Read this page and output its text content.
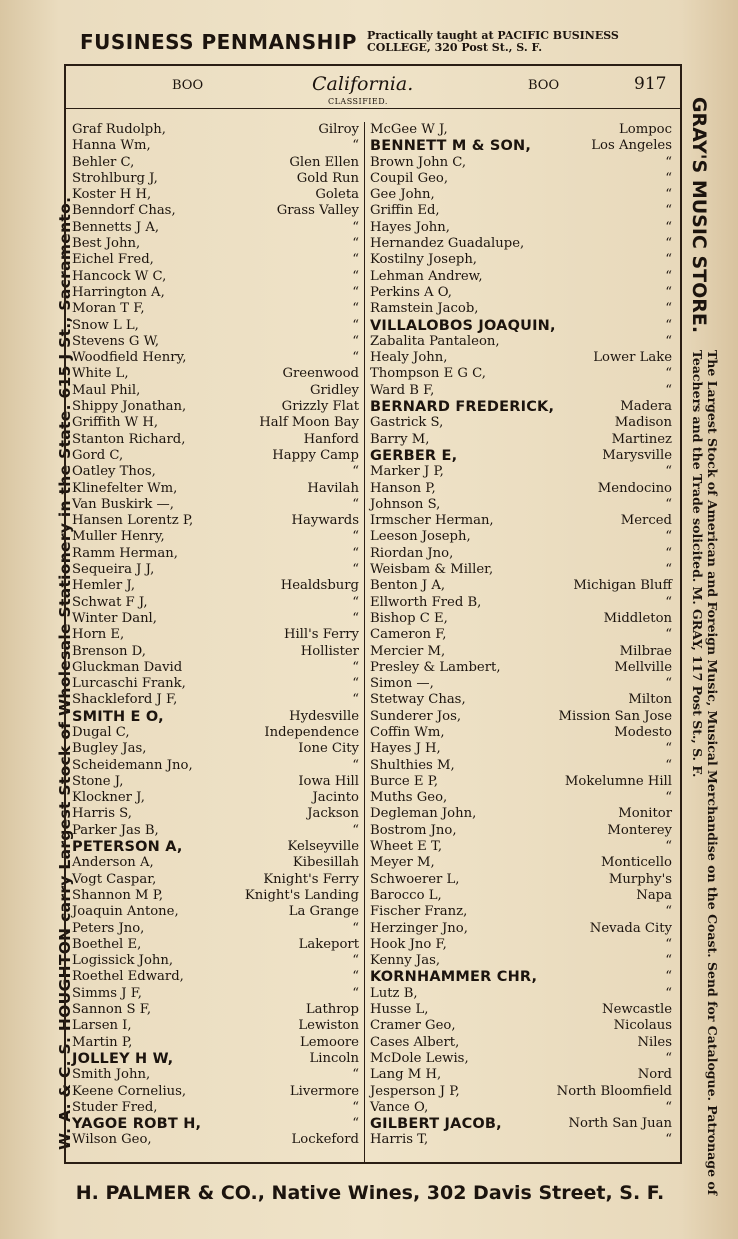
FUSINESS PENMANSHIP Practically taught at PACIFIC BUSINESS COLLEGE, 320 Post St., S. F.
W. A. & C. S. HOUGHTON carry Largest Stock of Wholesale Stationery in the State. 615 J St., Sacramento.	GRAY'S MUSIC STORE.
The Largest Stock of American and Foreign Music, Musical Merchandise on the Coast. Send for Catalogue. Patronage of Teachers and the Trade solicited. M. GRAY, 117 Post St., S. F.
BOO	California.
CLASSIFIED.
BOO	917
Graf Rudolph,	Gilroy
Hanna Wm,	“
Behler C,	Glen Ellen
Strohlburg J,	Gold Run
Koster H H,	Goleta
Benndorf Chas,	Grass Valley
Bennetts J A,	“
Best John,	“
Eichel Fred,	“
Hancock W C,	“
Harrington A,	“
Moran T F,	“
Snow L L,	“
Stevens G W,	“
Woodfield Henry,	“
White L,	Greenwood
Maul Phil,	Gridley
Shippy Jonathan,	Grizzly Flat
Griffith W H,	Half Moon Bay
Stanton Richard,	Hanford
Gord C,	Happy Camp
Oatley Thos,	“
Klinefelter Wm,	Havilah
Van Buskirk —,	“
Hansen Lorentz P,	Haywards
Muller Henry,	“
Ramm Herman,	“
Sequeira J J,	“
Hemler J,	Healdsburg
Schwat F J,	“
Winter Danl,	“
Horn E,	Hill's Ferry
Brenson D,	Hollister
Gluckman David	“
Lurcaschi Frank,	“
Shackleford J F,	“
SMITH E O,	Hydesville
Dugal C,	Independence
Bugley Jas,	Ione City
Scheidemann Jno,	“
Stone J,	Iowa Hill
Klockner J,	Jacinto
Harris S,	Jackson
Parker Jas B,	“
PETERSON A,	Kelseyville
Anderson A,	Kibesillah
Vogt Caspar,	Knight's Ferry
Shannon M P,	Knight's Landing
Joaquin Antone,	La Grange
Peters Jno,	“
Boethel E,	Lakeport
Logissick John,	“
Roethel Edward,	“
Simms J F,	“
Sannon S F,	Lathrop
Larsen I,	Lewiston
Martin P,	Lemoore
JOLLEY H W,	Lincoln
Smith John,	“
Keene Cornelius,	Livermore
Studer Fred,	“
YAGOE ROBT H,	“
Wilson Geo,	Lockeford
McGee W J,	Lompoc
BENNETT M & SON,	Los Angeles
Brown John C,	“
Coupil Geo,	“
Gee John,	“
Griffin Ed,	“
Hayes John,	“
Hernandez Guadalupe,	“
Kostilny Joseph,	“
Lehman Andrew,	“
Perkins A O,	“
Ramstein Jacob,	“
VILLALOBOS JOAQUIN,	“
Zabalita Pantaleon,	“
Healy John,	Lower Lake
Thompson E G C,	“
Ward B F,	“
BERNARD FREDERICK,	Madera
Gastrick S,	Madison
Barry M,	Martinez
GERBER E,	Marysville
Marker J P,	“
Hanson P,	Mendocino
Johnson S,	“
Irmscher Herman,	Merced
Leeson Joseph,	“
Riordan Jno,	“
Weisbam & Miller,	“
Benton J A,	Michigan Bluff
Ellworth Fred B,	“
Bishop C E,	Middleton
Cameron F,	“
Mercier M,	Milbrae
Presley & Lambert,	Mellville
Simon —,	“
Stetway Chas,	Milton
Sunderer Jos,	Mission San Jose
Coffin Wm,	Modesto
Hayes J H,	“
Shulthies M,	“
Burce E P,	Mokelumne Hill
Muths Geo,	“
Degleman John,	Monitor
Bostrom Jno,	Monterey
Wheet E T,	“
Meyer M,	Monticello
Schwoerer L,	Murphy's
Barocco L,	Napa
Fischer Franz,	“
Herzinger Jno,	Nevada City
Hook Jno F,	“
Kenny Jas,	“
KORNHAMMER CHR,	“
Lutz B,	“
Husse L,	Newcastle
Cramer Geo,	Nicolaus
Cases Albert,	Niles
McDole Lewis,	“
Lang M H,	Nord
Jesperson J P,	North Bloomfield
Vance O,	“
GILBERT JACOB,	North San Juan
Harris T,	“
H. PALMER & CO., Native Wines, 302 Davis Street, S. F.
